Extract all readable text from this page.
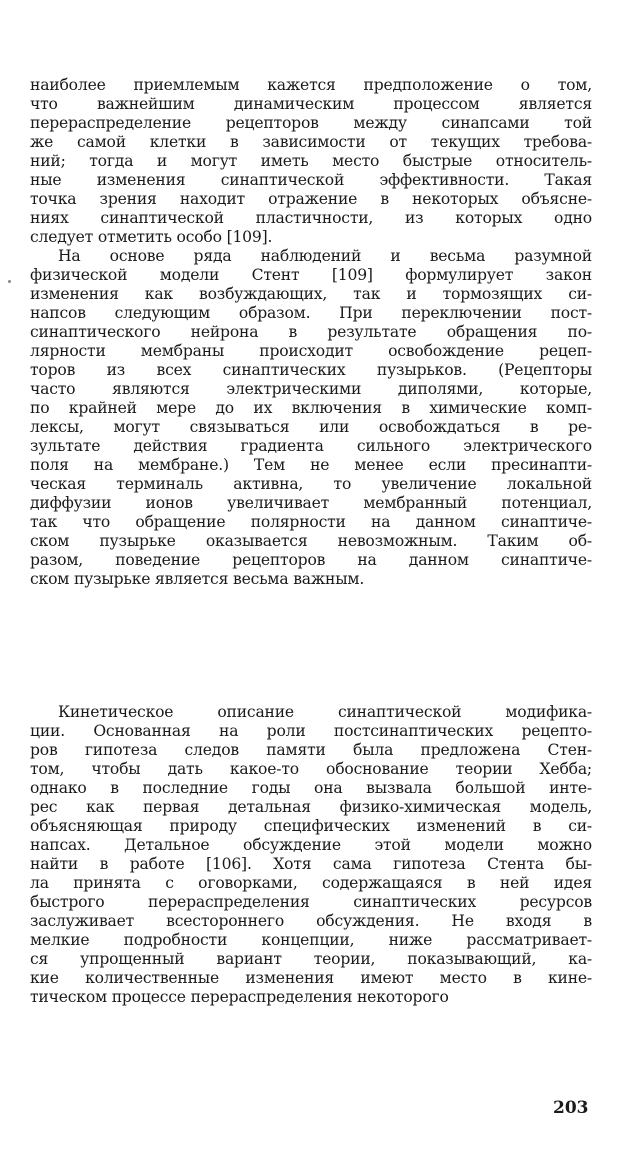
наиболее приемлемым кажется предположение о том,
что важнейшим динамическим процессом является
перераспределение рецепторов между синапсами той
же самой клетки в зависимости от текущих требова-
ний; тогда и могут иметь место быстрые относитель-
ные изменения синаптической эффективности. Такая
точка зрения находит отражение в некоторых объясне-
ниях синаптической пластичности, из которых одно
следует отметить особо [109].
На основе ряда наблюдений и весьма разумной
физической модели Стент [109] формулирует закон
изменения как возбуждающих, так и тормозящих си-
напсов следующим образом. При переключении пост-
синаптического нейрона в результате обращения по-
лярности мембраны происходит освобождение рецеп-
торов из всех синаптических пузырьков. (Рецепторы
часто являются электрическими диполями, которые,
по крайней мере до их включения в химические комп-
лексы, могут связываться или освобождаться в ре-
зультате действия градиента сильного электрического
поля на мембране.) Тем не менее если пресинапти-
ческая терминаль активна, то увеличение локальной
диффузии ионов увеличивает мембранный потенциал,
так что обращение полярности на данном синаптиче-
ском пузырьке оказывается невозможным. Таким об-
разом, поведение рецепторов на данном синаптиче-
ском пузырьке является весьма важным.
Кинетическое описание синаптической модифика-
ции. Основанная на роли постсинаптических рецепто-
ров гипотеза следов памяти была предложена Стен-
том, чтобы дать какое-то обоснование теории Хебба;
однако в последние годы она вызвала большой инте-
рес как первая детальная физико-химическая модель,
объясняющая природу специфических изменений в си-
напсах. Детальное обсуждение этой модели можно
найти в работе [106]. Хотя сама гипотеза Стента бы-
ла принята с оговорками, содержащаяся в ней идея
быстрого перераспределения синаптических ресурсов
заслуживает всестороннего обсуждения. Не входя в
мелкие подробности концепции, ниже рассматривает-
ся упрощенный вариант теории, показывающий, ка-
кие количественные изменения имеют место в кине-
тическом процессе перераспределения некоторого
203
